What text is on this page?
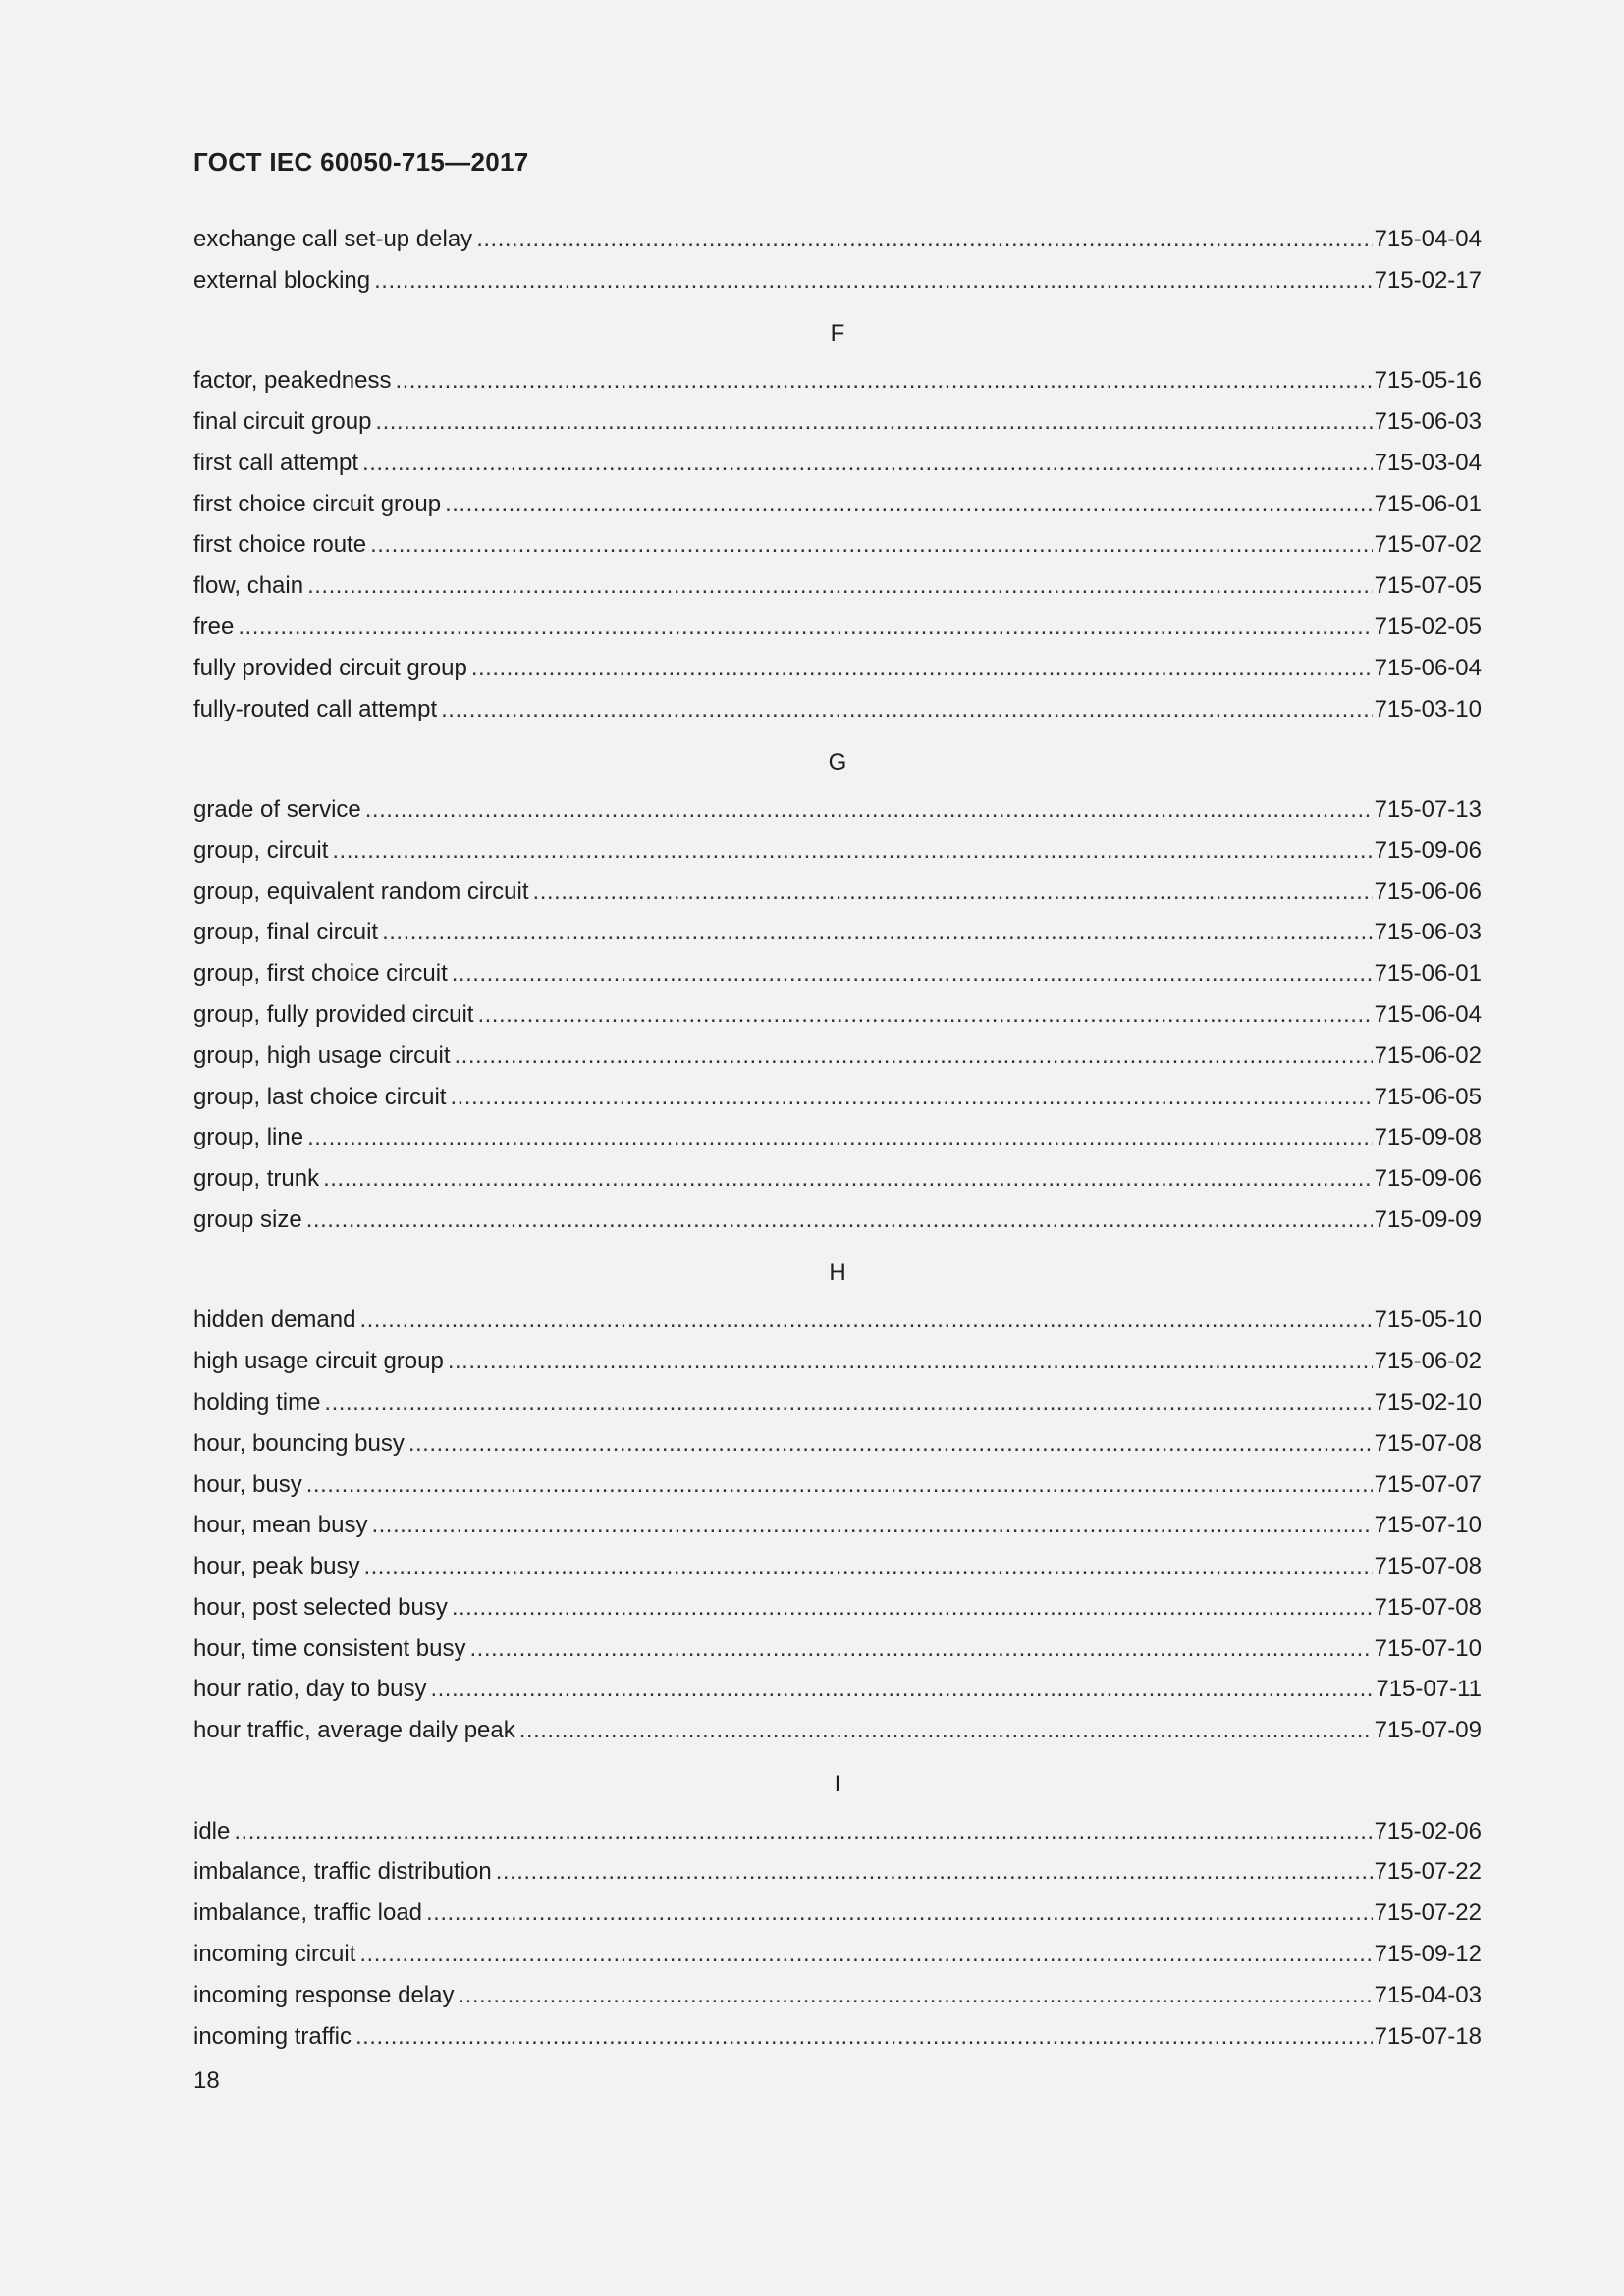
ГОСТ IEC 60050-715—2017
exchange call set-up delay .....	715-04-04
external blocking .....	715-02-17
F
factor, peakedness .....	715-05-16
final circuit group .....	715-06-03
first call attempt .....	715-03-04
first choice circuit group .....	715-06-01
first choice route .....	715-07-02
flow, chain .....	715-07-05
free .....	715-02-05
fully provided circuit group .....	715-06-04
fully-routed call attempt .....	715-03-10
G
grade of service .....	715-07-13
group, circuit .....	715-09-06
group, equivalent random circuit .....	715-06-06
group, final circuit .....	715-06-03
group, first choice circuit .....	715-06-01
group, fully provided circuit .....	715-06-04
group, high usage circuit .....	715-06-02
group, last choice circuit .....	715-06-05
group, line .....	715-09-08
group, trunk .....	715-09-06
group size .....	715-09-09
H
hidden demand .....	715-05-10
high usage circuit group .....	715-06-02
holding time .....	715-02-10
hour, bouncing busy .....	715-07-08
hour, busy .....	715-07-07
hour, mean busy .....	715-07-10
hour, peak busy .....	715-07-08
hour, post selected busy .....	715-07-08
hour, time consistent busy .....	715-07-10
hour ratio, day to busy .....	715-07-11
hour traffic, average daily peak .....	715-07-09
I
idle .....	715-02-06
imbalance, traffic distribution .....	715-07-22
imbalance, traffic load .....	715-07-22
incoming circuit .....	715-09-12
incoming response delay .....	715-04-03
incoming traffic .....	715-07-18
18
